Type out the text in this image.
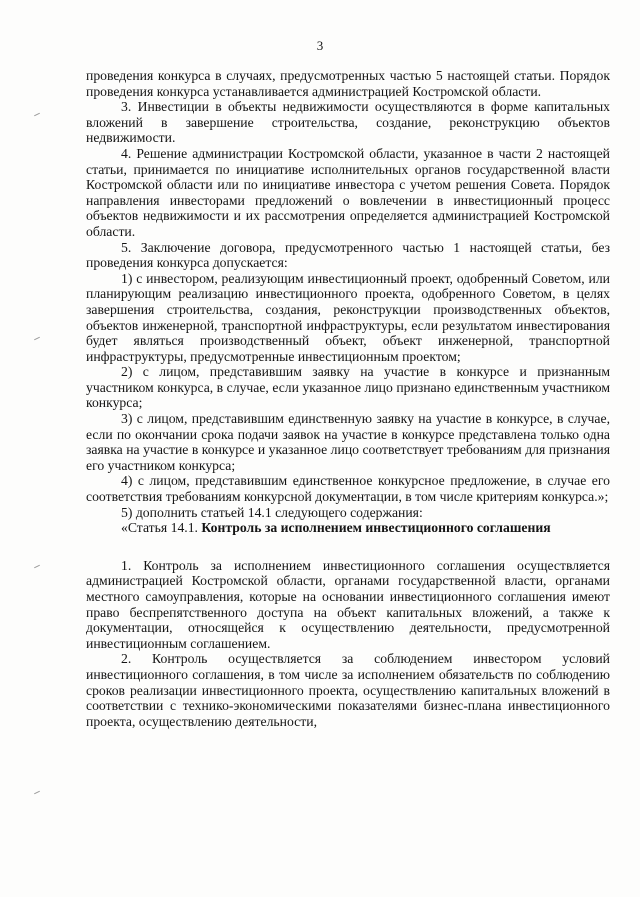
3

проведения конкурса в случаях, предусмотренных частью 5 настоящей статьи. Порядок проведения конкурса устанавливается администрацией Костромской области.

3. Инвестиции в объекты недвижимости осуществляются в форме капитальных вложений в завершение строительства, создание, реконструкцию объектов недвижимости.

4. Решение администрации Костромской области, указанное в части 2 настоящей статьи, принимается по инициативе исполнительных органов государственной власти Костромской области или по инициативе инвестора с учетом решения Совета. Порядок направления инвесторами предложений о вовлечении в инвестиционный процесс объектов недвижимости и их рассмотрения определяется администрацией Костромской области.

5. Заключение договора, предусмотренного частью 1 настоящей статьи, без проведения конкурса допускается:

1) с инвестором, реализующим инвестиционный проект, одобренный Советом, или планирующим реализацию инвестиционного проекта, одобренного Советом, в целях завершения строительства, создания, реконструкции производственных объектов, объектов инженерной, транспортной инфраструктуры, если результатом инвестирования будет являться производственный объект, объект инженерной, транспортной инфраструктуры, предусмотренные инвестиционным проектом;

2) с лицом, представившим заявку на участие в конкурсе и признанным участником конкурса, в случае, если указанное лицо признано единственным участником конкурса;

3) с лицом, представившим единственную заявку на участие в конкурсе, в случае, если по окончании срока подачи заявок на участие в конкурсе представлена только одна заявка на участие в конкурсе и указанное лицо соответствует требованиям для признания его участником конкурса;

4) с лицом, представившим единственное конкурсное предложение, в случае его соответствия требованиям конкурсной документации, в том числе критериям конкурса.»;

5) дополнить статьей 14.1 следующего содержания:

«Статья 14.1. Контроль за исполнением инвестиционного соглашения

1. Контроль за исполнением инвестиционного соглашения осуществляется администрацией Костромской области, органами государственной власти, органами местного самоуправления, которые на основании инвестиционного соглашения имеют право беспрепятственного доступа на объект капитальных вложений, а также к документации, относящейся к осуществлению деятельности, предусмотренной инвестиционным соглашением.

2. Контроль осуществляется за соблюдением инвестором условий инвестиционного соглашения, в том числе за исполнением обязательств по соблюдению сроков реализации инвестиционного проекта, осуществлению капитальных вложений в соответствии с технико-экономическими показателями бизнес-плана инвестиционного проекта, осуществлению деятельности,
